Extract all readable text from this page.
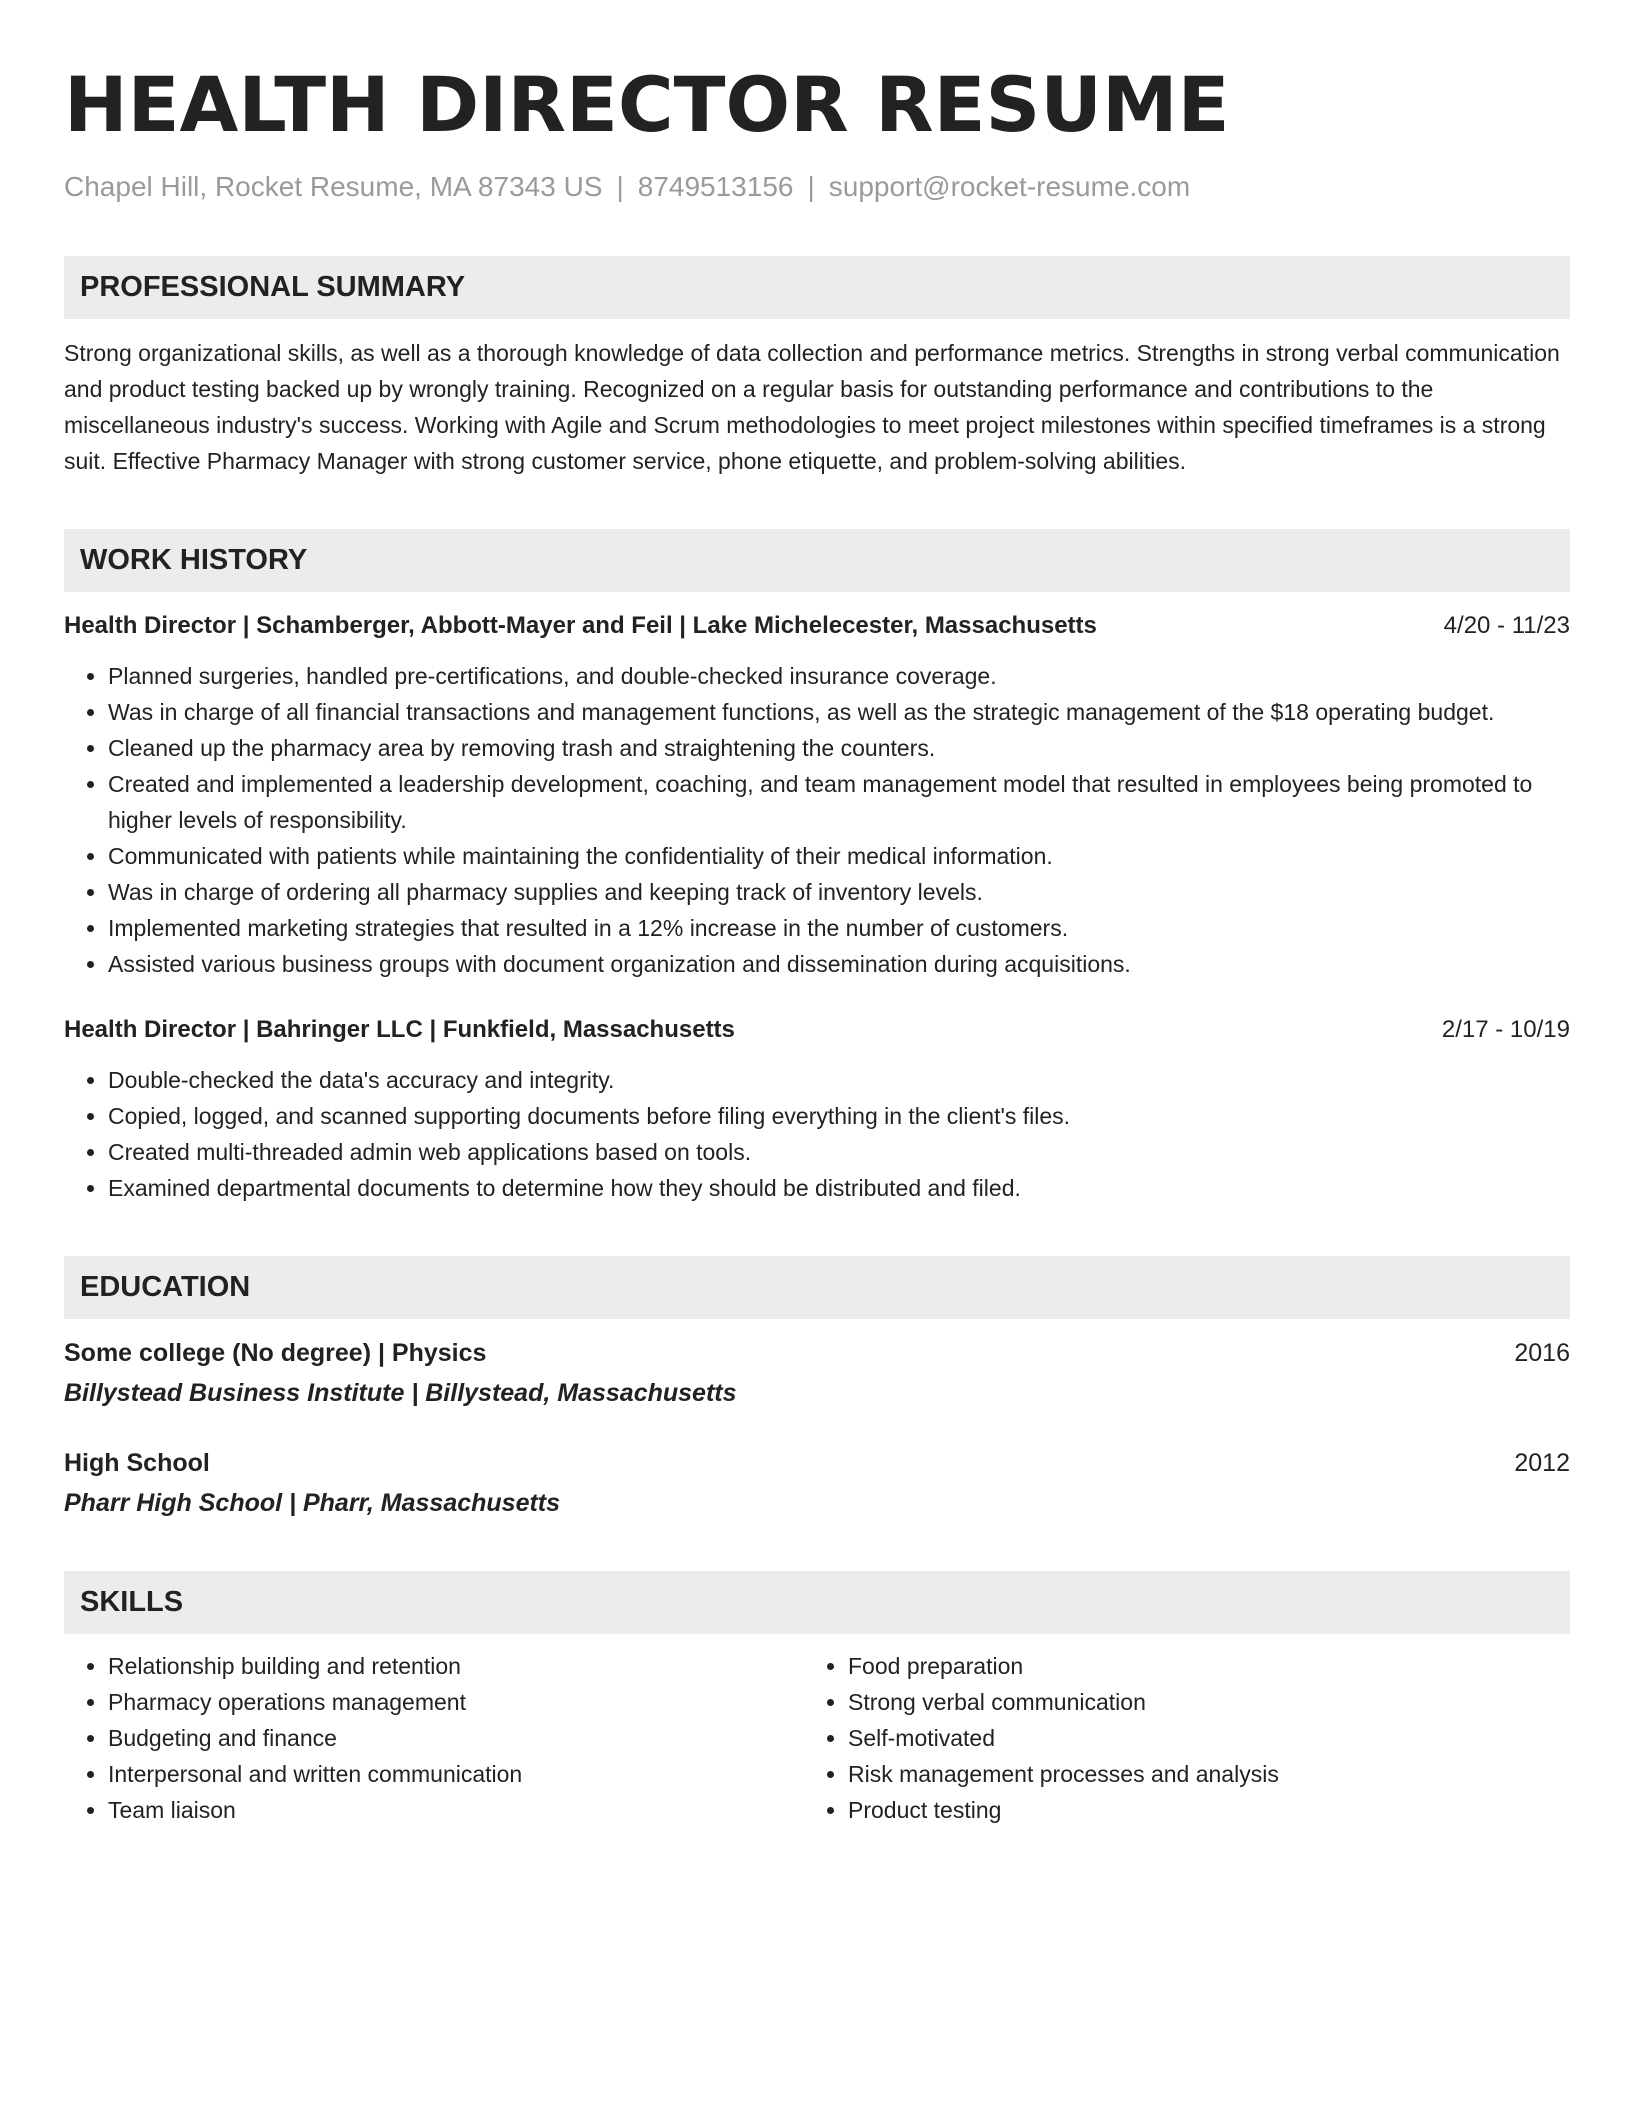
HEALTH DIRECTOR RESUME
Chapel Hill, Rocket Resume, MA 87343 US | 8749513156 | support@rocket-resume.com
PROFESSIONAL SUMMARY
Strong organizational skills, as well as a thorough knowledge of data collection and performance metrics. Strengths in strong verbal communication and product testing backed up by wrongly training. Recognized on a regular basis for outstanding performance and contributions to the miscellaneous industry's success. Working with Agile and Scrum methodologies to meet project milestones within specified timeframes is a strong suit. Effective Pharmacy Manager with strong customer service, phone etiquette, and problem-solving abilities.
WORK HISTORY
Health Director | Schamberger, Abbott-Mayer and Feil | Lake Michelecester, Massachusetts	4/20 - 11/23
• Planned surgeries, handled pre-certifications, and double-checked insurance coverage.
• Was in charge of all financial transactions and management functions, as well as the strategic management of the $18 operating budget.
• Cleaned up the pharmacy area by removing trash and straightening the counters.
• Created and implemented a leadership development, coaching, and team management model that resulted in employees being promoted to higher levels of responsibility.
• Communicated with patients while maintaining the confidentiality of their medical information.
• Was in charge of ordering all pharmacy supplies and keeping track of inventory levels.
• Implemented marketing strategies that resulted in a 12% increase in the number of customers.
• Assisted various business groups with document organization and dissemination during acquisitions.
Health Director | Bahringer LLC | Funkfield, Massachusetts	2/17 - 10/19
• Double-checked the data's accuracy and integrity.
• Copied, logged, and scanned supporting documents before filing everything in the client's files.
• Created multi-threaded admin web applications based on tools.
• Examined departmental documents to determine how they should be distributed and filed.
EDUCATION
Some college (No degree) | Physics	2016
Billystead Business Institute | Billystead, Massachusetts
High School	2012
Pharr High School | Pharr, Massachusetts
SKILLS
• Relationship building and retention
• Pharmacy operations management
• Budgeting and finance
• Interpersonal and written communication
• Team liaison
• Food preparation
• Strong verbal communication
• Self-motivated
• Risk management processes and analysis
• Product testing
